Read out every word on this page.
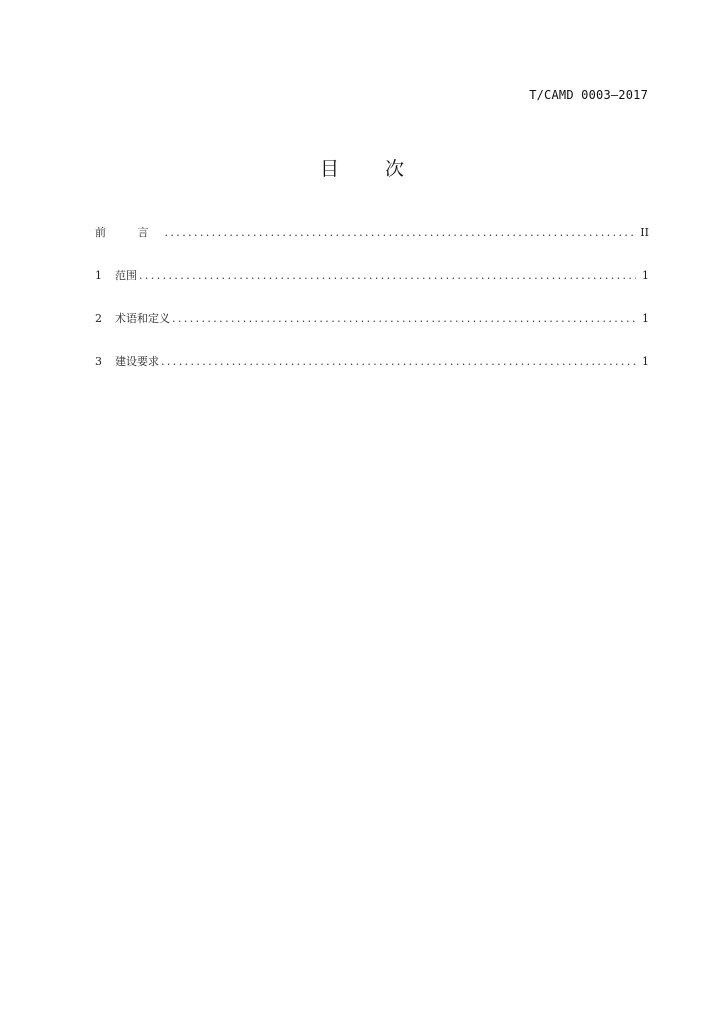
T/CAMD 0003—2017
目 次
前 言 .....	II
1	范围 .....	1
2	术语和定义 .....	1
3	建设要求 .....	1
